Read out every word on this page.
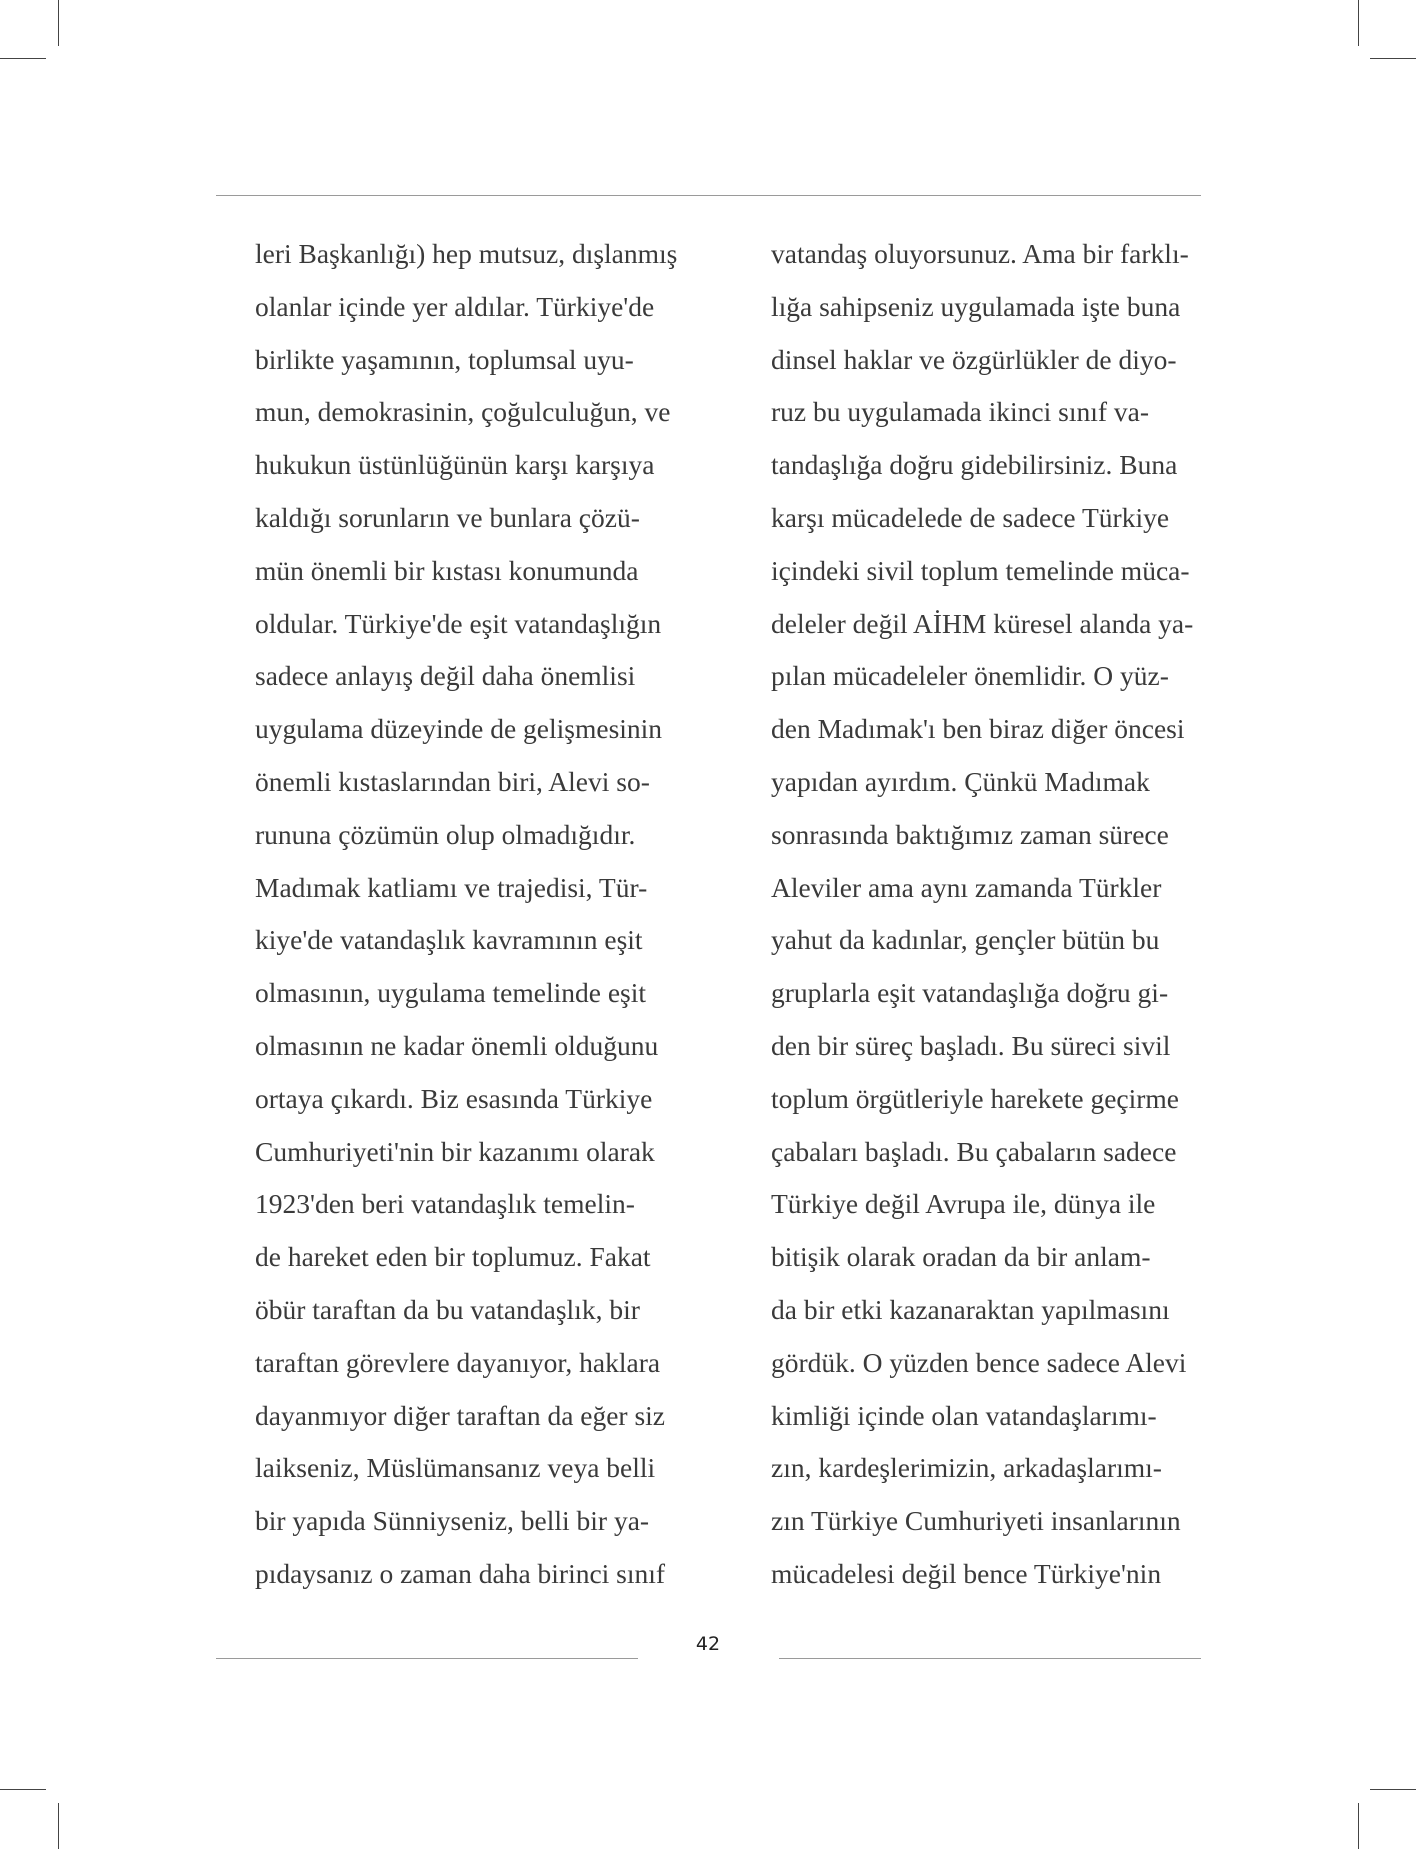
leri Başkanlığı) hep mutsuz, dışlanmış
olanlar içinde yer aldılar. Türkiye'de
birlikte yaşamının, toplumsal uyu-
mun, demokrasinin, çoğulculuğun, ve
hukukun üstünlüğünün karşı karşıya
kaldığı sorunların ve bunlara çözü-
mün önemli bir kıstası konumunda
oldular. Türkiye'de eşit vatandaşlığın
sadece anlayış değil daha önemlisi
uygulama düzeyinde de gelişmesinin
önemli kıstaslarından biri, Alevi so-
rununa çözümün olup olmadığıdır.
Madımak katliamı ve trajedisi, Tür-
kiye'de vatandaşlık kavramının eşit
olmasının, uygulama temelinde eşit
olmasının ne kadar önemli olduğunu
ortaya çıkardı. Biz esasında Türkiye
Cumhuriyeti'nin bir kazanımı olarak
1923'den beri vatandaşlık temelin-
de hareket eden bir toplumuz. Fakat
öbür taraftan da bu vatandaşlık, bir
taraftan görevlere dayanıyor, haklara
dayanmıyor diğer taraftan da eğer siz
laikseniz, Müslümansanız veya belli
bir yapıda Sünniyseniz, belli bir ya-
pıdaysanız o zaman daha birinci sınıf
vatandaş oluyorsunuz. Ama bir farklı-
lığa sahipseniz uygulamada işte buna
dinsel haklar ve özgürlükler de diyo-
ruz bu uygulamada ikinci sınıf va-
tandaşlığa doğru gidebilirsiniz. Buna
karşı mücadelede de sadece Türkiye
içindeki sivil toplum temelinde müca-
deleler değil AİHM küresel alanda ya-
pılan mücadeleler önemlidir. O yüz-
den Madımak'ı ben biraz diğer öncesi
yapıdan ayırdım. Çünkü Madımak
sonrasında baktığımız zaman sürece
Aleviler ama aynı zamanda Türkler
yahut da kadınlar, gençler bütün bu
gruplarla eşit vatandaşlığa doğru gi-
den bir süreç başladı. Bu süreci sivil
toplum örgütleriyle harekete geçirme
çabaları başladı. Bu çabaların sadece
Türkiye değil Avrupa ile, dünya ile
bitişik olarak oradan da bir anlam-
da bir etki kazanaraktan yapılmasını
gördük. O yüzden bence sadece Alevi
kimliği içinde olan vatandaşlarımı-
zın, kardeşlerimizin, arkadaşlarımı-
zın Türkiye Cumhuriyeti insanlarının
mücadelesi değil bence Türkiye'nin
42
